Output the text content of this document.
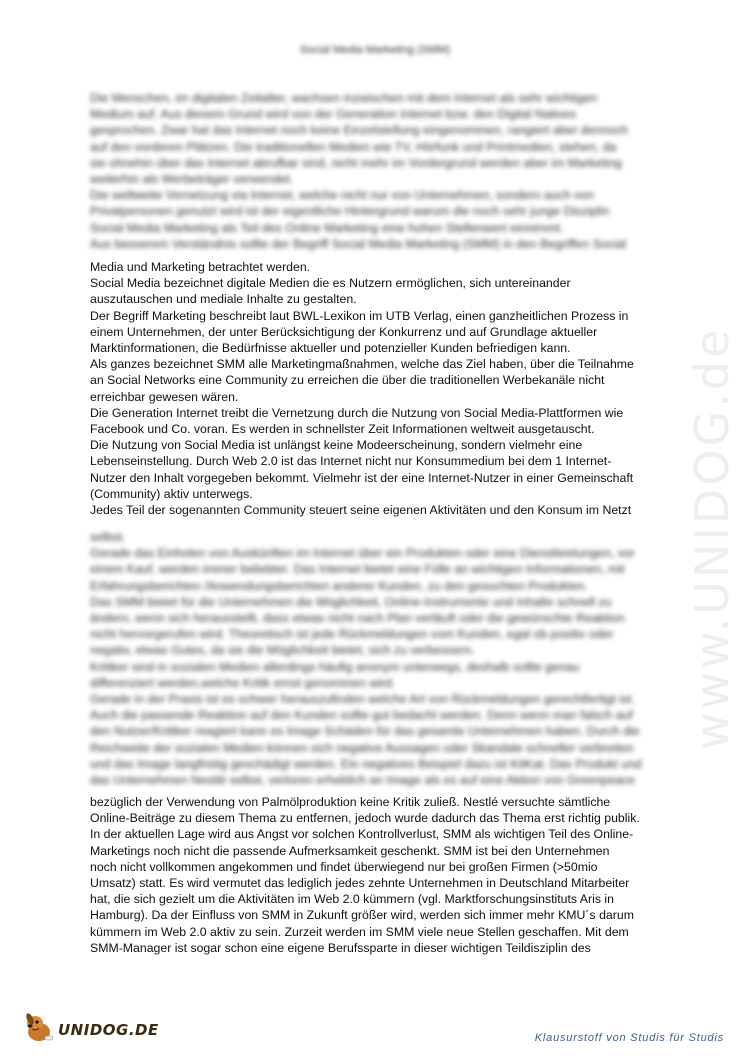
Social Media Marketing (SMM)
www.UNIDOG.de

Die Menschen, im digitalen Zeitalter, wachsen inzwischen mit dem Internet als sehr wichtigen

Medium auf. Aus diesem Grund wird von der Generation Internet bzw. den Digital Natives

gesprochen. Zwar hat das Internet noch keine Einzelstellung eingenommen, rangiert aber dennoch

auf den vorderen Plätzen. Die traditionellen Medien wie TV, Hörfunk und Printmedien, stehen, da

sie ohnehin über das Internet abrufbar sind, nicht mehr im Vordergrund werden aber im Marketing

weiterhin als Werbeträger verwendet.

Die weltweite Vernetzung via Internet, welche nicht nur von Unternehmen, sondern auch von

Privatpersonen genutzt wird ist der eigentliche Hintergrund warum die noch sehr junge Disziplin

Social Media Marketing als Teil des Online Marketing eine hohen Stellenwert einnimmt.

Aus besserem Verständnis sollte der Begriff Social Media Marketing (SMM) in den Begriffen Social

Media und Marketing betrachtet werden.

Social Media bezeichnet digitale Medien die es Nutzern ermöglichen, sich untereinander

auszutauschen und mediale Inhalte zu gestalten.

Der Begriff Marketing beschreibt laut BWL-Lexikon im UTB Verlag, einen ganzheitlichen Prozess in

einem Unternehmen, der unter Berücksichtigung der Konkurrenz und auf Grundlage aktueller

Marktinformationen, die Bedürfnisse aktueller und potenzieller Kunden befriedigen kann.

Als ganzes bezeichnet SMM alle Marketingmaßnahmen, welche das Ziel haben, über die Teilnahme

an Social Networks eine Community zu erreichen die über die traditionellen Werbekanäle nicht

erreichbar gewesen wären.

Die Generation Internet treibt die Vernetzung durch die Nutzung von Social Media-Plattformen wie

Facebook und Co. voran. Es werden in schnellster Zeit Informationen weltweit ausgetauscht.

Die Nutzung von Social Media ist unlängst keine Modeerscheinung, sondern vielmehr eine

Lebenseinstellung. Durch Web 2.0 ist das Internet nicht nur Konsummedium bei dem 1 Internet-

Nutzer den Inhalt vorgegeben bekommt. Vielmehr ist der eine Internet-Nutzer in einer Gemeinschaft

(Community) aktiv unterwegs.

Jedes Teil der sogenannten Community steuert seine eigenen Aktivitäten und den Konsum im Netzt

selbst.

Gerade das Einholen von Auskünften im Internet über ein Produkten oder eine Dienstleistungen, vor

einem Kauf, werden immer beliebter. Das Internet bietet eine Fülle an wichtigen Informationen, mit

Erfahrungsberichten /Anwendungsberichten anderer Kunden, zu den gesuchten Produkten.

Das SMM bietet für die Unternehmen die Möglichkeit, Online-Instrumente und Inhalte schnell zu

ändern, wenn sich herausstellt, dass etwas nicht nach Plan verläuft oder die gewünschte Reaktion

nicht hervorgerufen wird. Theoretisch ist jede Rückmeldungen vom Kunden, egal ob positiv oder

negativ, etwas Gutes, da sie die Möglichkeit bietet, sich zu verbessern.

Kritiker sind in sozialen Medien allerdings häufig anonym unterwegs, deshalb sollte genau

differenziert werden,welche Kritik ernst genommen wird.

Gerade in der Praxis ist es schwer herauszufinden welche Art von Rückmeldungen gerechtfertigt ist.

Auch die passende Reaktion auf den Kunden sollte gut bedacht werden. Denn wenn man falsch auf

den Nutzer/Kritiker reagiert kann es Image Schäden für das gesamte Unternehmen haben. Durch die

Reichweite der sozialen Medien können sich negative Aussagen oder Skandale schneller verbreiten

und das Image langfristig geschädigt werden. Ein negatives Beispiel dazu ist KitKat. Das Produkt und

das Unternehmen Nestlé selbst, verloren erheblich an Image als es auf eine Aktion von Greenpeace

bezüglich der Verwendung von Palmölproduktion keine Kritik zuließ. Nestlé versuchte sämtliche

Online-Beiträge zu diesem Thema zu entfernen, jedoch wurde dadurch das Thema erst richtig publik.

In der aktuellen Lage wird aus Angst vor solchen Kontrollverlust, SMM als wichtigen Teil des Online-

Marketings noch nicht die passende Aufmerksamkeit geschenkt. SMM ist bei den Unternehmen

noch nicht vollkommen angekommen und findet überwiegend nur bei großen Firmen (>50mio

Umsatz) statt. Es wird vermutet das lediglich jedes zehnte Unternehmen in Deutschland Mitarbeiter

hat, die sich gezielt um die Aktivitäten im Web 2.0 kümmern (vgl. Marktforschungsinstituts Aris in

Hamburg). Da der Einfluss von SMM in Zukunft größer wird, werden sich immer mehr KMU´s darum

kümmern im Web 2.0 aktiv zu sein. Zurzeit werden im SMM viele neue Stellen geschaffen. Mit dem

SMM-Manager ist sogar schon eine eigene Berufssparte in dieser wichtigen Teildisziplin des

UNIDOG.DE	Klausurstoff von Studis für Studis
